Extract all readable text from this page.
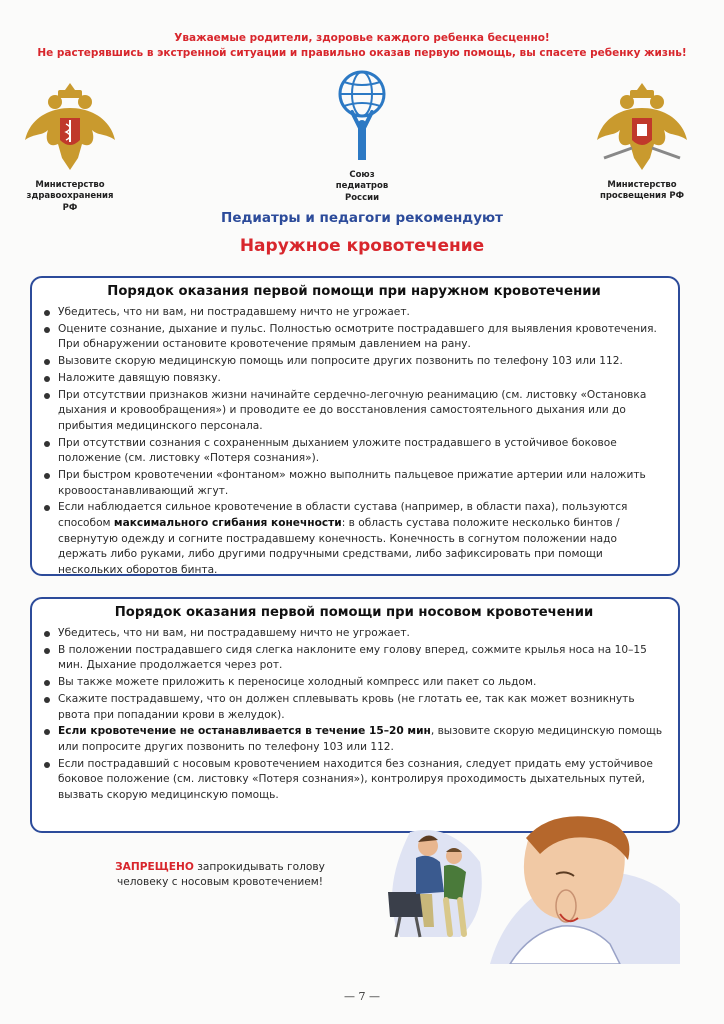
Уважаемые родители, здоровье каждого ребенка бесценно!
Не растерявшись в экстренной ситуации и правильно оказав первую помощь, вы спасете ребенку жизнь!
Министерство
здравоохранения РФ
Союз
педиатров
России
Министерство
просвещения РФ
Педиатры и педагоги рекомендуют
Наружное кровотечение
Порядок оказания первой помощи при наружном кровотечении
Убедитесь, что ни вам, ни пострадавшему ничто не угрожает.
Оцените сознание, дыхание и пульс. Полностью осмотрите пострадавшего для выявления кровотечения. При обнаружении остановите кровотечение прямым давлением на рану.
Вызовите скорую медицинскую помощь или попросите других позвонить по телефону 103 или 112.
Наложите давящую повязку.
При отсутствии признаков жизни начинайте сердечно-легочную реанимацию (см. листовку «Остановка дыхания и кровообращения») и проводите ее до восстановления самостоятельного дыхания или до прибытия медицинского персонала.
При отсутствии сознания с сохраненным дыханием уложите пострадавшего в устойчивое боковое положение (см. листовку «Потеря сознания»).
При быстром кровотечении «фонтаном» можно выполнить пальцевое прижатие артерии или наложить кровоостанавливающий жгут.
Если наблюдается сильное кровотечение в области сустава (например, в области паха), пользуются способом максимального сгибания конечности: в область сустава положите несколько бинтов / свернутую одежду и согните пострадавшему конечность. Конечность в согнутом положении надо держать либо руками, либо другими подручными средствами, либо зафиксировать при помощи нескольких оборотов бинта.
Порядок оказания первой помощи при носовом кровотечении
Убедитесь, что ни вам, ни пострадавшему ничто не угрожает.
В положении пострадавшего сидя слегка наклоните ему голову вперед, сожмите крылья носа на 10–15 мин. Дыхание продолжается через рот.
Вы также можете приложить к переносице холодный компресс или пакет со льдом.
Скажите пострадавшему, что он должен сплевывать кровь (не глотать ее, так как может возникнуть рвота при попадании крови в желудок).
Если кровотечение не останавливается в течение 15–20 мин, вызовите скорую медицинскую помощь или попросите других позвонить по телефону 103 или 112.
Если пострадавший с носовым кровотечением находится без сознания, следует придать ему устойчивое боковое положение (см. листовку «Потеря сознания»), контролируя проходимость дыхательных путей, вызвать скорую медицинскую помощь.
ЗАПРЕЩЕНО запрокидывать голову человеку с носовым кровотечением!
— 7 —
